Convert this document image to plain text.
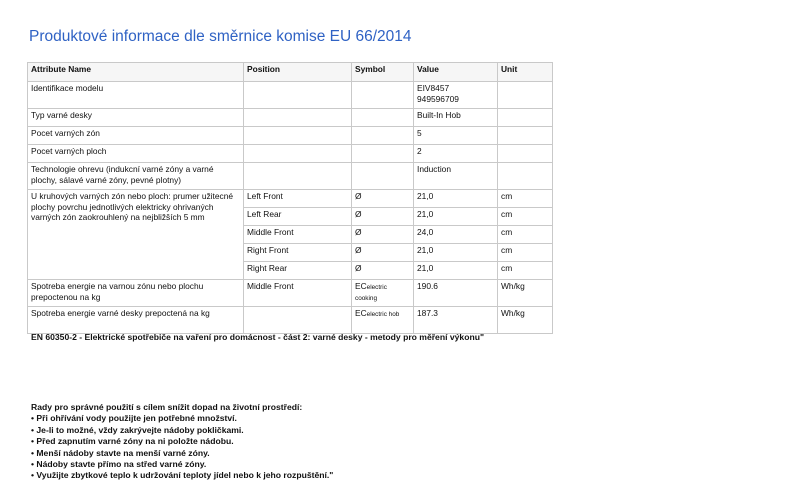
Produktové informace dle směrnice komise EU 66/2014
Attribute Name	Position	Symbol	Value	Unit
Identifikace modelu			EIV8457
949596709	

Typ varné desky			Built-In Hob	
Pocet varných zón			5	
Pocet varných ploch			2	
Technologie ohrevu (indukcní varné zóny a varné plochy, sálavé varné zóny, pevné plotny)			Induction	
U kruhových varných zón nebo ploch: prumer užitecné plochy povrchu jednotlivých elektricky ohrivaných varných zón zaokrouhlený na nejbližších 5 mm	Left Front	Ø	21,0	cm
	Left Rear	Ø	21,0	cm
	Middle Front	Ø	24,0	cm
	Right Front	Ø	21,0	cm
	Right Rear	Ø	21,0	cm
Spotreba energie na varnou zónu nebo plochu prepoctenou na kg	Middle Front	ECelectric cooking	190.6	Wh/kg
Spotreba energie varné desky prepoctená na kg		ECelectric hob	187.3	Wh/kg
EN 60350-2 - Elektrické spotřebiče na vaření pro domácnost - část 2: varné desky - metody pro měření výkonu"
Rady pro správné použití s cílem snížit dopad na životní prostředí:
• Při ohřívání vody použijte jen potřebné množství.
• Je-li to možné, vždy zakrývejte nádoby pokličkami.
• Před zapnutím varné zóny na ni položte nádobu.
• Menší nádoby stavte na menší varné zóny.
• Nádoby stavte přímo na střed varné zóny.
• Využijte zbytkové teplo k udržování teploty jídel nebo k jeho rozpuštění."
